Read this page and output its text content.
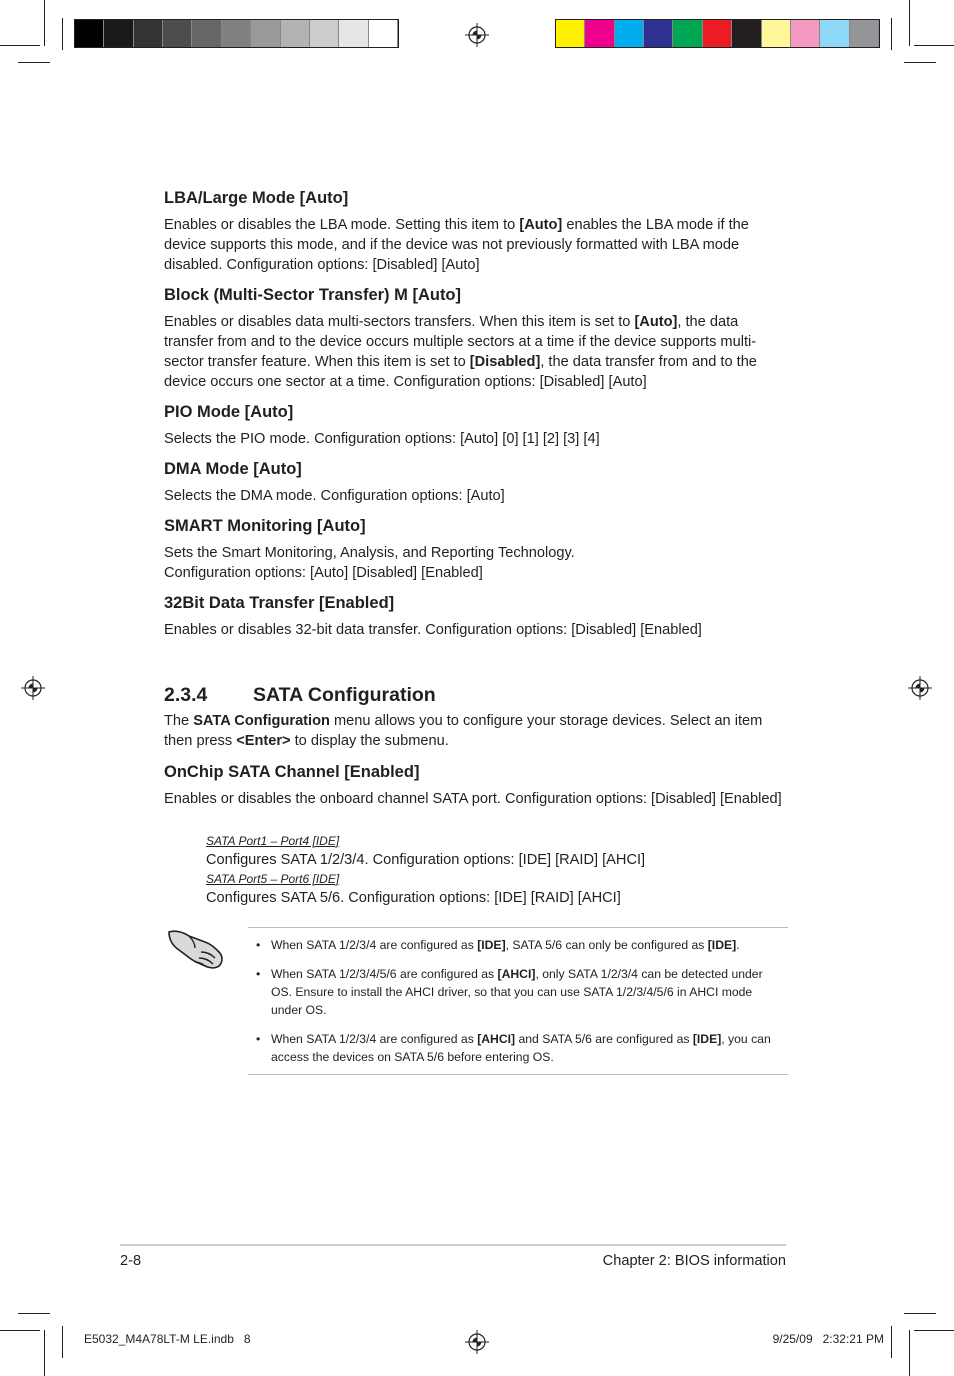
LBA/Large Mode [Auto]

Enables or disables the LBA mode. Setting this item to [Auto] enables the LBA mode if the device supports this mode, and if the device was not previously formatted with LBA mode disabled. Configuration options: [Disabled] [Auto]

Block (Multi-Sector Transfer) M [Auto]

Enables or disables data multi-sectors transfers. When this item is set to [Auto], the data transfer from and to the device occurs multiple sectors at a time if the device supports multi-sector transfer feature. When this item is set to [Disabled], the data transfer from and to the device occurs one sector at a time. Configuration options: [Disabled] [Auto]

PIO Mode [Auto]

Selects the PIO mode. Configuration options: [Auto] [0] [1] [2] [3] [4]

DMA Mode [Auto]

Selects the DMA mode. Configuration options: [Auto]

SMART Monitoring [Auto]

Sets the Smart Monitoring, Analysis, and Reporting Technology.
Configuration options: [Auto] [Disabled] [Enabled]

32Bit Data Transfer [Enabled]

Enables or disables 32-bit data transfer. Configuration options: [Disabled] [Enabled]

2.3.4 SATA Configuration

The SATA Configuration menu allows you to configure your storage devices. Select an item then press <Enter> to display the submenu.

OnChip SATA Channel [Enabled]

Enables or disables the onboard channel SATA port. Configuration options: [Disabled] [Enabled]

SATA Port1 – Port4 [IDE]
Configures SATA 1/2/3/4. Configuration options: [IDE] [RAID] [AHCI]
SATA Port5 – Port6 [IDE]
Configures SATA 5/6. Configuration options: [IDE] [RAID] [AHCI]
• When SATA 1/2/3/4 are configured as [IDE], SATA 5/6 can only be configured as [IDE].
• When SATA 1/2/3/4/5/6 are configured as [AHCI], only SATA 1/2/3/4 can be detected under OS. Ensure to install the AHCI driver, so that you can use SATA 1/2/3/4/5/6 in AHCI mode under OS.
• When SATA 1/2/3/4 are configured as [AHCI] and SATA 5/6 are configured as [IDE], you can access the devices on SATA 5/6 before entering OS.
2-8	Chapter 2: BIOS information
E5032_M4A78LT-M LE.indb   8	9/25/09   2:32:21 PM
